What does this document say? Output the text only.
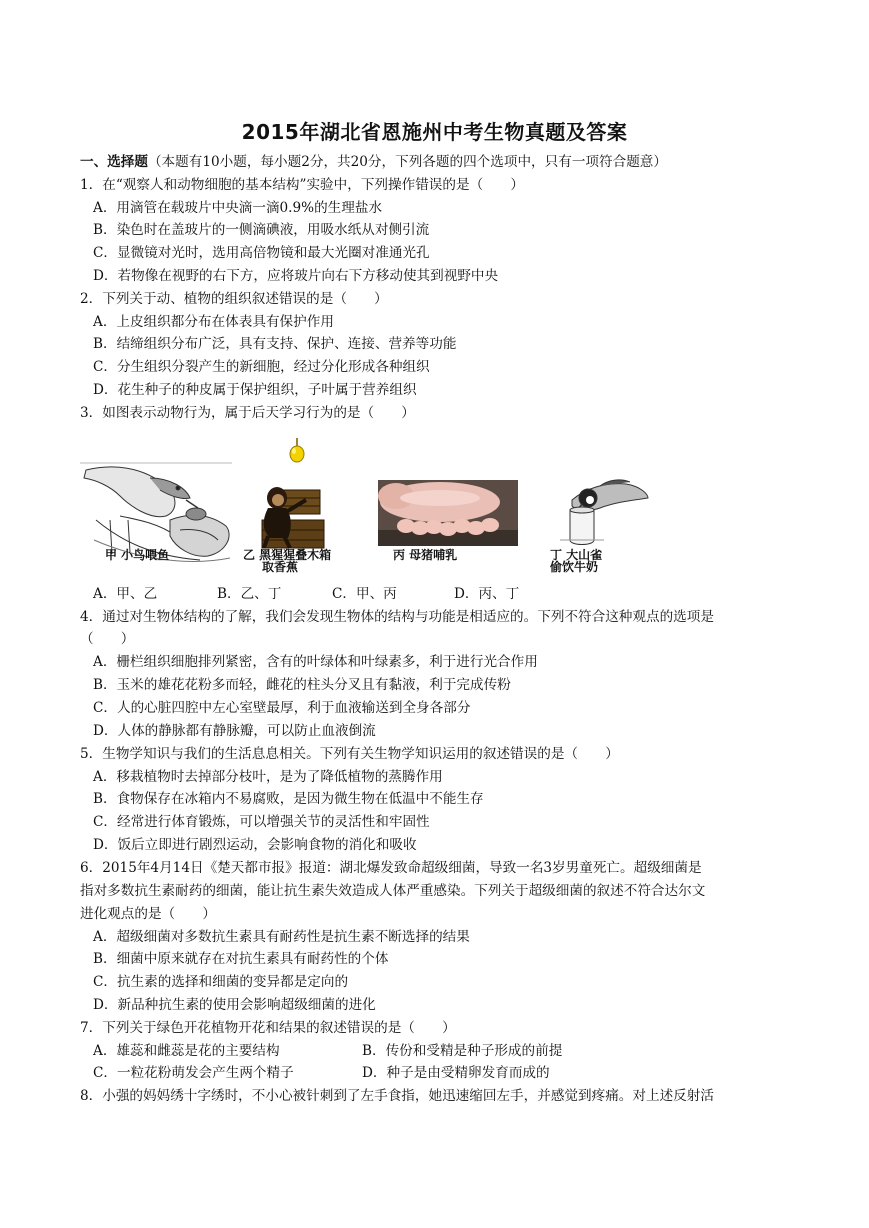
2015年湖北省恩施州中考生物真题及答案
一、选择题（本题有10小题，每小题2分，共20分，下列各题的四个选项中，只有一项符合题意）
1．在“观察人和动物细胞的基本结构”实验中，下列操作错误的是（　　）
A．用滴管在载玻片中央滴一滴0.9%的生理盐水
B．染色时在盖玻片的一侧滴碘液，用吸水纸从对侧引流
C．显微镜对光时，选用高倍物镜和最大光圈对准通光孔
D．若物像在视野的右下方，应将玻片向右下方移动使其到视野中央
2．下列关于动、植物的组织叙述错误的是（　　）
A．上皮组织都分布在体表具有保护作用
B．结缔组织分布广泛，具有支持、保护、连接、营养等功能
C．分生组织分裂产生的新细胞，经过分化形成各种组织
D．花生种子的种皮属于保护组织，子叶属于营养组织
3．如图表示动物行为，属于后天学习行为的是（　　）
甲 小鸟喂鱼	乙 黑猩猩叠木箱
取香蕉
丙 母猪哺乳	丁 大山雀
偷饮牛奶
A．甲、乙	B．乙、丁	C．甲、丙	D．丙、丁
4．通过对生物体结构的了解，我们会发现生物体的结构与功能是相适应的。下列不符合这种观点的选项是
（　　）
A．栅栏组织细胞排列紧密，含有的叶绿体和叶绿素多，利于进行光合作用
B．玉米的雄花花粉多而轻，雌花的柱头分叉且有黏液，利于完成传粉
C．人的心脏四腔中左心室壁最厚，利于血液输送到全身各部分
D．人体的静脉都有静脉瓣，可以防止血液倒流
5．生物学知识与我们的生活息息相关。下列有关生物学知识运用的叙述错误的是（　　）
A．移栽植物时去掉部分枝叶，是为了降低植物的蒸腾作用
B．食物保存在冰箱内不易腐败，是因为微生物在低温中不能生存
C．经常进行体育锻炼，可以增强关节的灵活性和牢固性
D．饭后立即进行剧烈运动，会影响食物的消化和吸收
6．2015年4月14日《楚天都市报》报道：湖北爆发致命超级细菌，导致一名3岁男童死亡。超级细菌是
指对多数抗生素耐药的细菌，能让抗生素失效造成人体严重感染。下列关于超级细菌的叙述不符合达尔文
进化观点的是（　　）
A．超级细菌对多数抗生素具有耐药性是抗生素不断选择的结果
B．细菌中原来就存在对抗生素具有耐药性的个体
C．抗生素的选择和细菌的变异都是定向的
D．新品种抗生素的使用会影响超级细菌的进化
7．下列关于绿色开花植物开花和结果的叙述错误的是（　　）
A．雄蕊和雌蕊是花的主要结构	B．传份和受精是种子形成的前提
C．一粒花粉萌发会产生两个精子	D．种子是由受精卵发育而成的
8．小强的妈妈绣十字绣时，不小心被针刺到了左手食指，她迅速缩回左手，并感觉到疼痛。对上述反射活
